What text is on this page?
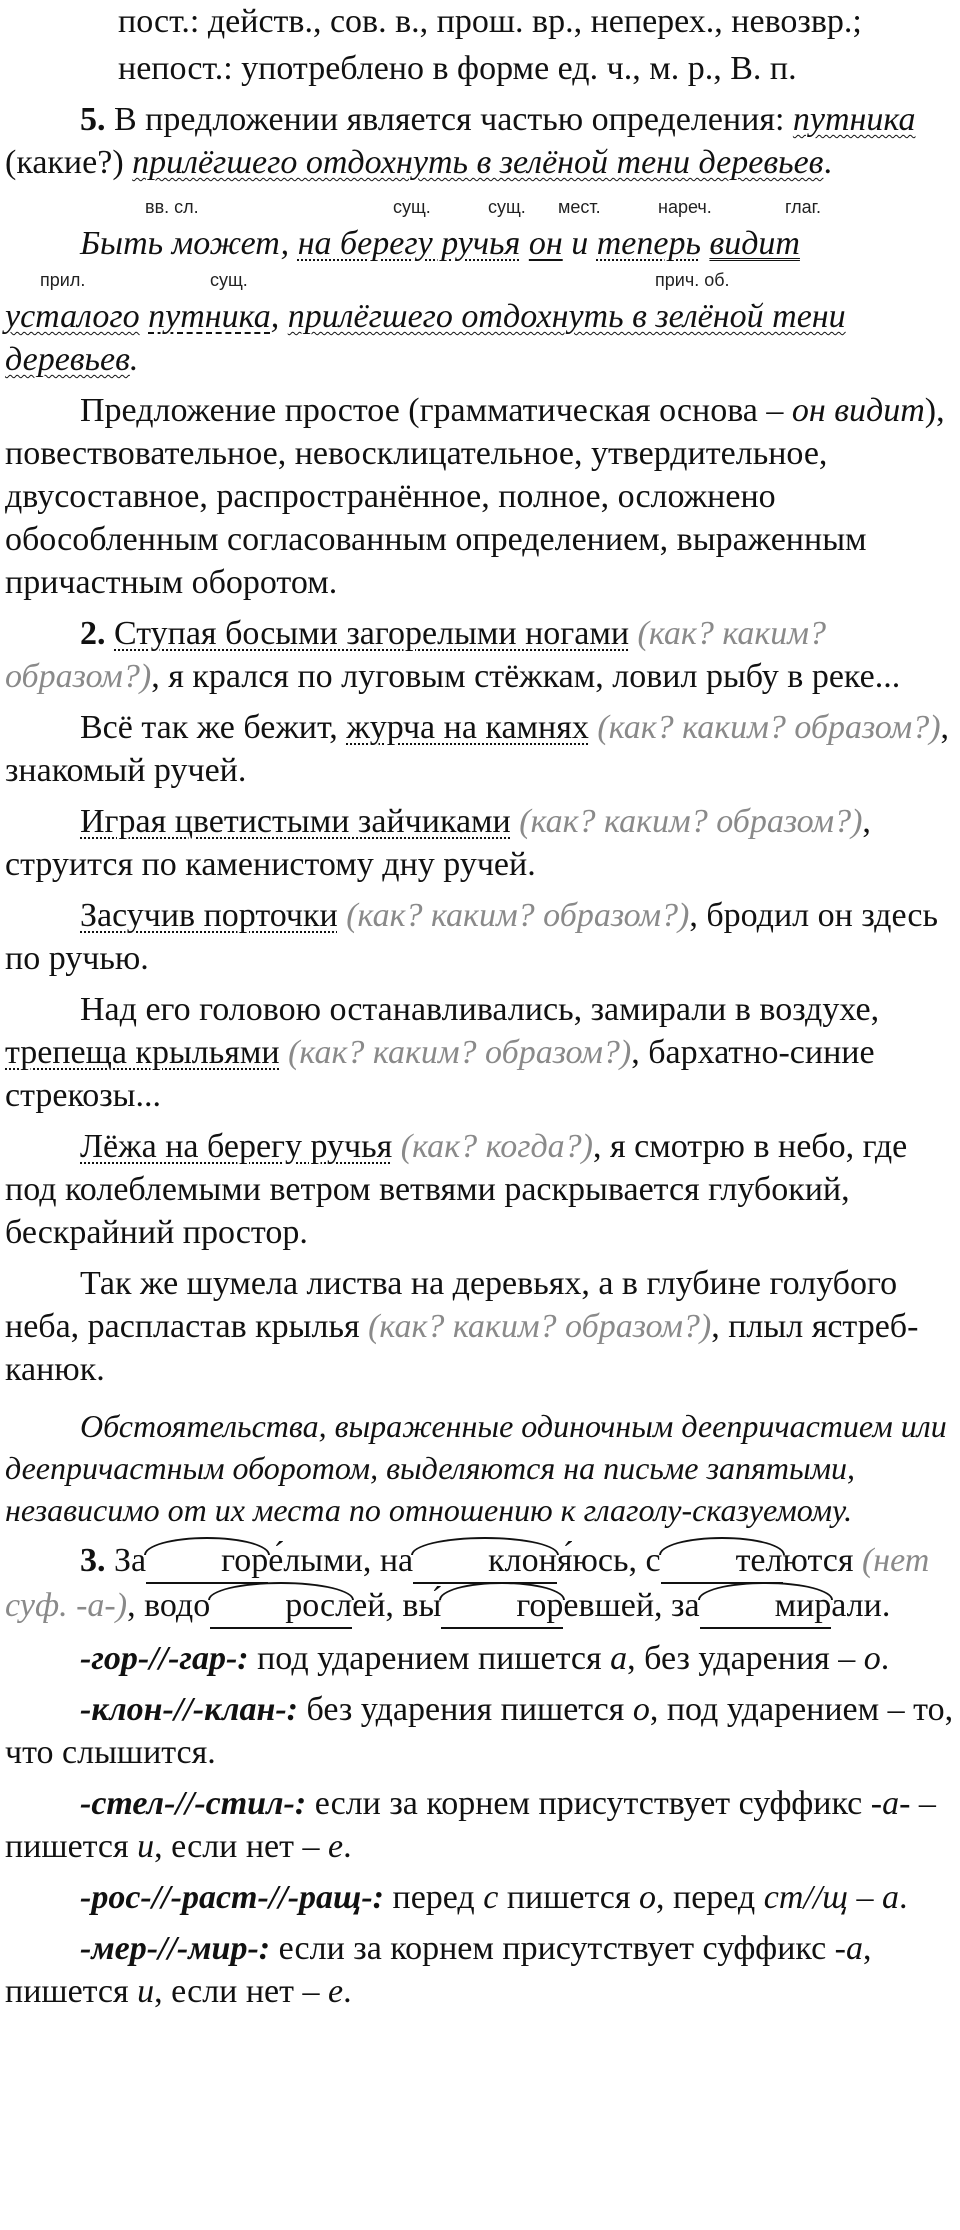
пост.: действ., сов. в., прош. вр., неперех., невозвр.;

непост.: употреблено в форме ед. ч., м. р., В. п.

5. В предложении является частью определения: путника (какие?) прилёгшего отдохнуть в зелёной тени деревьев.

вв. сл.	сущ.	сущ. мест.	нареч.	глаг.

Быть может, на берегу ручья он и теперь видит

прил.	сущ.	прич. об.

усталого путника, прилёгшего отдохнуть в зелёной тени деревьев.

Предложение простое (грамматическая основа – он видит), повествовательное, невосклицательное, утвердительное, двусоставное, распространённое, полное, осложнено обособленным согласованным определением, выраженным причастным оборотом.

2. Ступая босыми загорелыми ногами (как? каким? образом?), я крался по луговым стёжкам, ловил рыбу в реке...

Всё так же бежит, журча на камнях (как? каким? образом?), знакомый ручей.

Играя цветистыми зайчиками (как? каким? образом?), струится по каменистому дну ручей.

Засучив порточки (как? каким? образом?), бродил он здесь по ручью.

Над его головою останавливались, замирали в воздухе, трепеща крыльями (как? каким? образом?), бархатно-синие стрекозы...

Лёжа на берегу ручья (как? когда?), я смотрю в небо, где под колеблемыми ветром ветвями раскрывается глубокий, бескрайний простор.

Так же шумела листва на деревьях, а в глубине голубого неба, распластав крылья (как? каким? образом?), плыл ястреб-канюк.

Обстоятельства, выраженные одиночным деепричастием или деепричастным оборотом, выделяются на письме запятыми, независимо от их места по отношению к глаголу-сказуемому.

3. За горе́лыми, на клоня́юсь, с телются (нет суф. -а-), водо рослей, вы́ горевшей, за мирали.

-гор-//-гар-: под ударением пишется а, без ударения – о.

-клон-//-клан-: без ударения пишется о, под ударением – то, что слышится.

-стел-//-стил-: если за корнем присутствует суффикс -а- – пишется и, если нет – е.

-рос-//-раст-//-ращ-: перед с пишется о, перед ст//щ – а.

-мер-//-мир-: если за корнем присутствует суффикс -а, пишется и, если нет – е.
